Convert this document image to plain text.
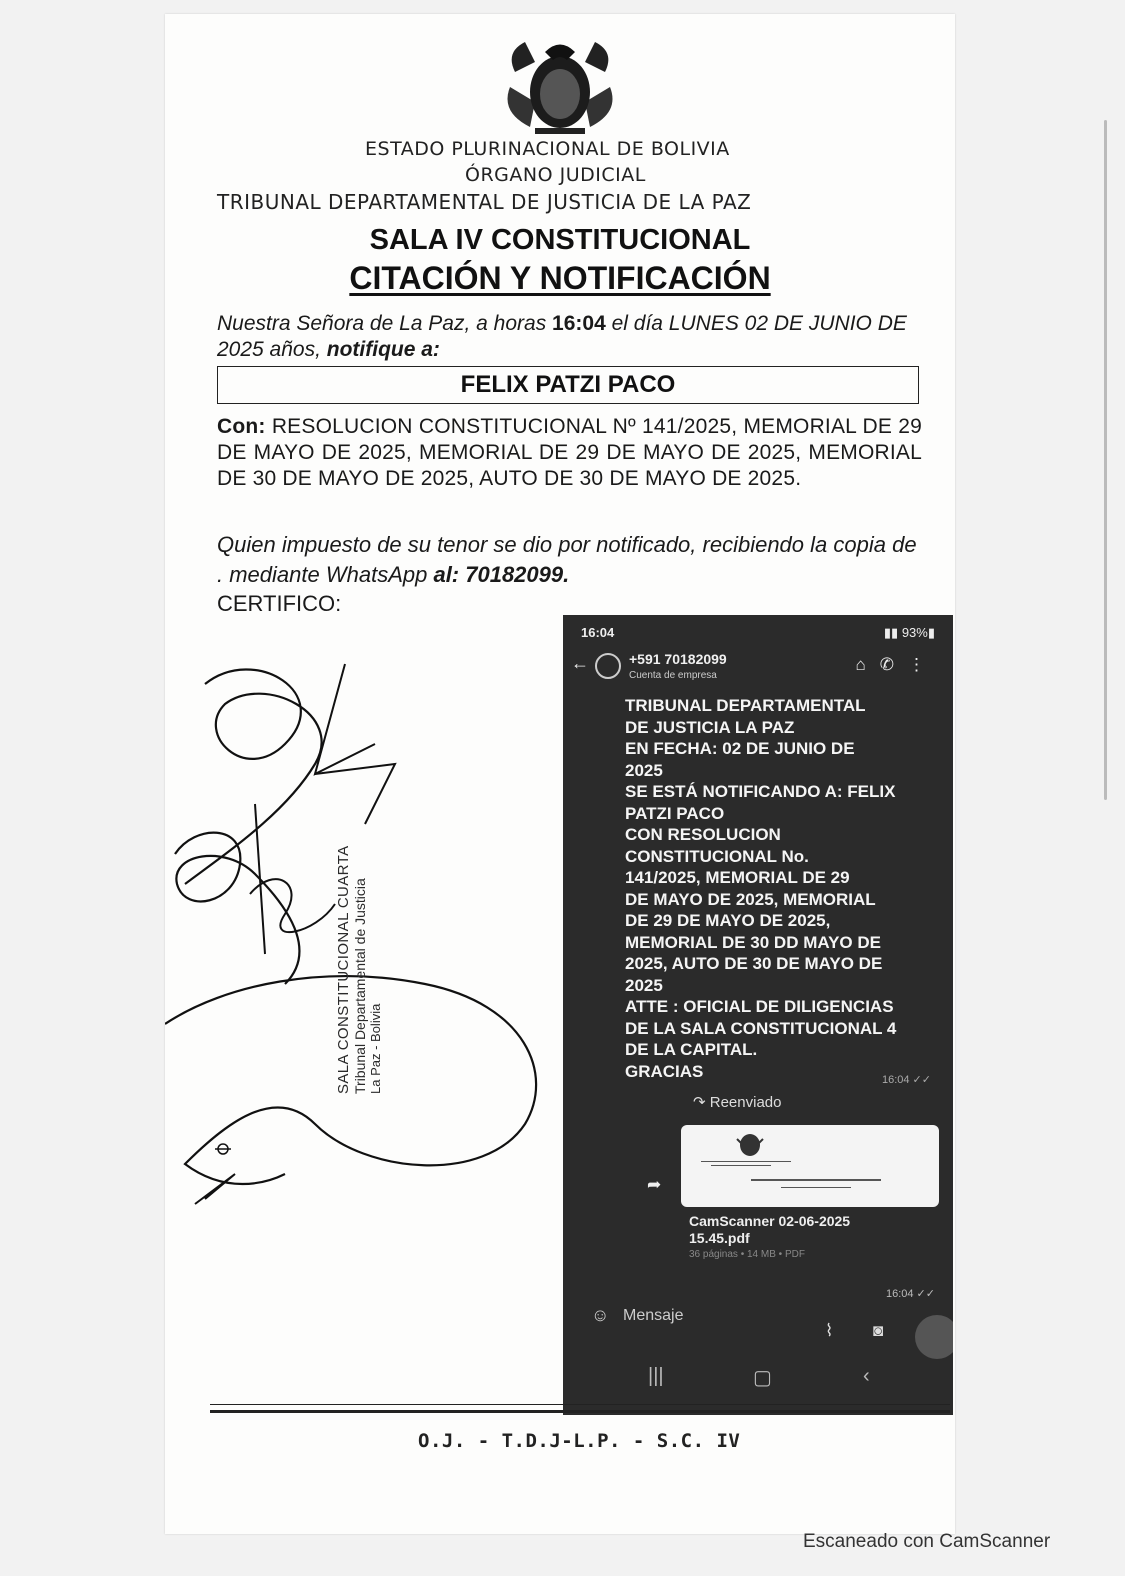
ESTADO PLURINACIONAL DE BOLIVIA
ÓRGANO JUDICIAL
TRIBUNAL DEPARTAMENTAL DE JUSTICIA DE LA PAZ
SALA IV CONSTITUCIONAL
CITACIÓN Y NOTIFICACIÓN
Nuestra Señora de La Paz, a horas 16:04 el día LUNES 02 DE JUNIO DE 2025 años, notifique a:
FELIX PATZI PACO
Con: RESOLUCION CONSTITUCIONAL Nº 141/2025, MEMORIAL DE 29 DE MAYO DE 2025, MEMORIAL DE 29 DE MAYO DE 2025, MEMORIAL DE 30 DE MAYO DE 2025, AUTO DE 30 DE MAYO DE 2025.
Quien impuesto de su tenor se dio por notificado, recibiendo la copia de . mediante WhatsApp al: 70182099.
CERTIFICO:
SALA CONSTITUCIONAL CUARTA Tribunal Departamental de Justicia La Paz - Bolivia
16:04	▮▮ 93%▮
←	+591 70182099
Cuenta de empresa
⌂✆⋮
TRIBUNAL DEPARTAMENTAL
DE JUSTICIA LA PAZ
EN FECHA: 02 DE JUNIO DE
2025
SE ESTÁ NOTIFICANDO A: FELIX
PATZI PACO
CON RESOLUCION
CONSTITUCIONAL No.
141/2025, MEMORIAL DE 29
DE MAYO DE 2025, MEMORIAL
DE 29 DE MAYO DE 2025,
MEMORIAL DE 30 DD MAYO DE
2025, AUTO DE 30 DE MAYO DE
2025
ATTE : OFICIAL DE DILIGENCIAS
DE LA SALA CONSTITUCIONAL 4
DE LA CAPITAL.
GRACIAS	16:04 ✓✓
↷ Reenviado
➦
CamScanner 02-06-2025 15.45.pdf
36 páginas • 14 MB • PDF
16:04 ✓✓
☺ Mensaje
⌇ ◙
|||	▢	‹
O.J. - T.D.J-L.P. - S.C. IV
Escaneado con CamScanner
